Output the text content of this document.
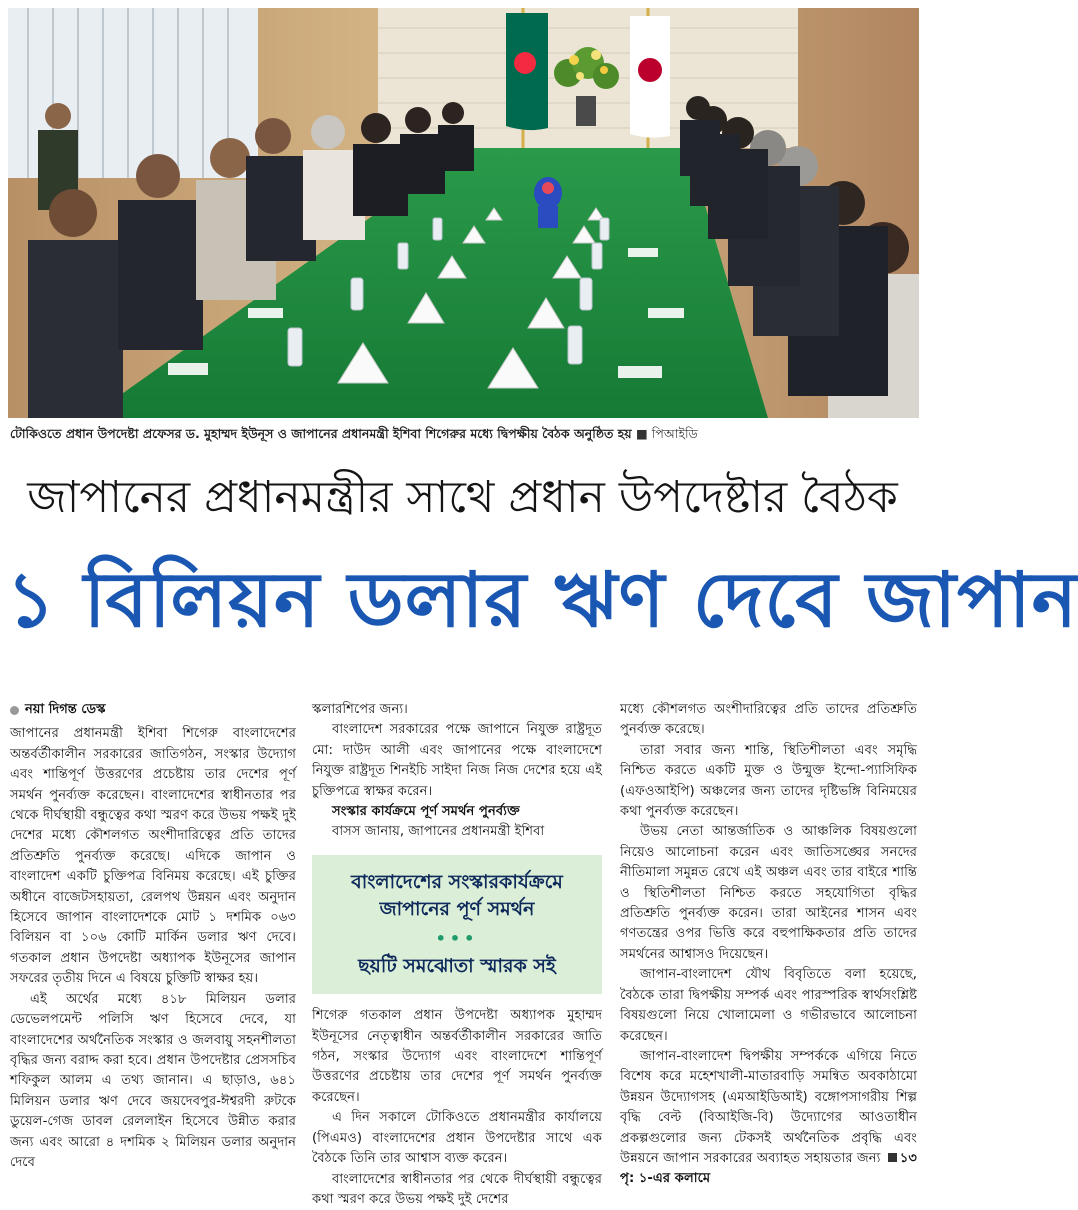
টোকিওতে প্রধান উপদেষ্টা প্রফেসর ড. মুহাম্মদ ইউনূস ও জাপানের প্রধানমন্ত্রী ইশিবা শিগেরুর মধ্যে দ্বিপক্ষীয় বৈঠক অনুষ্ঠিত হয় ■ পিআইডি
জাপানের প্রধানমন্ত্রীর সাথে প্রধান উপদেষ্টার বৈঠক
১ বিলিয়ন ডলার ঋণ দেবে জাপান
নয়া দিগন্ত ডেস্ক

জাপানের প্রধানমন্ত্রী ইশিবা শিগেরু বাংলাদেশের অন্তর্বর্তীকালীন সরকারের জাতিগঠন, সংস্কার উদ্যোগ এবং শান্তিপূর্ণ উত্তরণের প্রচেষ্টায় তার দেশের পূর্ণ সমর্থন পুনর্ব্যক্ত করেছেন। বাংলাদেশের স্বাধীনতার পর থেকে দীর্ঘস্থায়ী বন্ধুত্বের কথা স্মরণ করে উভয় পক্ষই দুই দেশের মধ্যে কৌশলগত অংশীদারিত্বের প্রতি তাদের প্রতিশ্রুতি পুনর্ব্যক্ত করেছে। এদিকে জাপান ও বাংলাদেশ একটি চুক্তিপত্র বিনিময় করেছে। এই চুক্তির অধীনে বাজেটসহায়তা, রেলপথ উন্নয়ন এবং অনুদান হিসেবে জাপান বাংলাদেশকে মোট ১ দশমিক ০৬৩ বিলিয়ন বা ১০৬ কোটি মার্কিন ডলার ঋণ দেবে। গতকাল প্রধান উপদেষ্টা অধ্যাপক ইউনূসের জাপান সফরের তৃতীয় দিনে এ বিষয়ে চুক্তিটি স্বাক্ষর হয়।

এই অর্থের মধ্যে ৪১৮ মিলিয়ন ডলার ডেভেলপমেন্ট পলিসি ঋণ হিসেবে দেবে, যা বাংলাদেশের অর্থনৈতিক সংস্কার ও জলবায়ু সহনশীলতা বৃদ্ধির জন্য বরাদ্দ করা হবে। প্রধান উপদেষ্টার প্রেসসচিব শফিকুল আলম এ তথ্য জানান। এ ছাড়াও, ৬৪১ মিলিয়ন ডলার ঋণ দেবে জয়দেবপুর-ঈশ্বরদী রুটকে ডুয়েল-গেজ ডাবল রেললাইন হিসেবে উন্নীত করার জন্য এবং আরো ৪ দশমিক ২ মিলিয়ন ডলার অনুদান দেবে

স্কলারশিপের জন্য।

বাংলাদেশ সরকারের পক্ষে জাপানে নিযুক্ত রাষ্ট্রদূত মো: দাউদ আলী এবং জাপানের পক্ষে বাংলাদেশে নিযুক্ত রাষ্ট্রদূত শিনইচি সাইদা নিজ নিজ দেশের হয়ে এই চুক্তিপত্রে স্বাক্ষর করেন।

সংস্কার কার্যক্রমে পূর্ণ সমর্থন পুনর্ব্যক্ত

বাসস জানায়, জাপানের প্রধানমন্ত্রী ইশিবা

বাংলাদেশের সংস্কারকার্যক্রমে জাপানের পূর্ণ সমর্থন
•••
ছয়টি সমঝোতা স্মারক সই

শিগেরু গতকাল প্রধান উপদেষ্টা অধ্যাপক মুহাম্মদ ইউনূসের নেতৃত্বাধীন অন্তর্বর্তীকালীন সরকারের জাতি গঠন, সংস্কার উদ্যোগ এবং বাংলাদেশে শান্তিপূর্ণ উত্তরণের প্রচেষ্টায় তার দেশের পূর্ণ সমর্থন পুনর্ব্যক্ত করেছেন।

এ দিন সকালে টোকিওতে প্রধানমন্ত্রীর কার্যালয়ে (পিএমও) বাংলাদেশের প্রধান উপদেষ্টার সাথে এক বৈঠকে তিনি তার আশ্বাস ব্যক্ত করেন।

বাংলাদেশের স্বাধীনতার পর থেকে দীর্ঘস্থায়ী বন্ধুত্বের কথা স্মরণ করে উভয় পক্ষই দুই দেশের

মধ্যে কৌশলগত অংশীদারিত্বের প্রতি তাদের প্রতিশ্রুতি পুনর্ব্যক্ত করেছে।

তারা সবার জন্য শান্তি, স্থিতিশীলতা এবং সমৃদ্ধি নিশ্চিত করতে একটি মুক্ত ও উন্মুক্ত ইন্দো-প্যাসিফিক (এফওআইপি) অঞ্চলের জন্য তাদের দৃষ্টিভঙ্গি বিনিময়ের কথা পুনর্ব্যক্ত করেছেন।

উভয় নেতা আন্তর্জাতিক ও আঞ্চলিক বিষয়গুলো নিয়েও আলোচনা করেন এবং জাতিসঙ্ঘের সনদের নীতিমালা সমুন্নত রেখে এই অঞ্চল এবং তার বাইরে শান্তি ও স্থিতিশীলতা নিশ্চিত করতে সহযোগিতা বৃদ্ধির প্রতিশ্রুতি পুনর্ব্যক্ত করেন। তারা আইনের শাসন এবং গণতন্ত্রের ওপর ভিত্তি করে বহুপাক্ষিকতার প্রতি তাদের সমর্থনের আশ্বাসও দিয়েছেন।

জাপান-বাংলাদেশ যৌথ বিবৃতিতে বলা হয়েছে, বৈঠকে তারা দ্বিপক্ষীয় সম্পর্ক এবং পারস্পরিক স্বার্থসংশ্লিষ্ট বিষয়গুলো নিয়ে খোলামেলা ও গভীরভাবে আলোচনা করেছেন।

জাপান-বাংলাদেশ দ্বিপক্ষীয় সম্পর্ককে এগিয়ে নিতে বিশেষ করে মহেশখালী-মাতারবাড়ি সমন্বিত অবকাঠামো উন্নয়ন উদ্যোগসহ (এমআইডিআই) বঙ্গোপসাগরীয় শিল্প বৃদ্ধি বেল্ট (বিআইজি-বি) উদ্যোগের আওতাধীন প্রকল্পগুলোর জন্য টেকসই অর্থনৈতিক প্রবৃদ্ধি এবং উন্নয়নে জাপান সরকারের অব্যাহত সহায়তার জন্য ১৩ পৃ: ১-এর কলামে
